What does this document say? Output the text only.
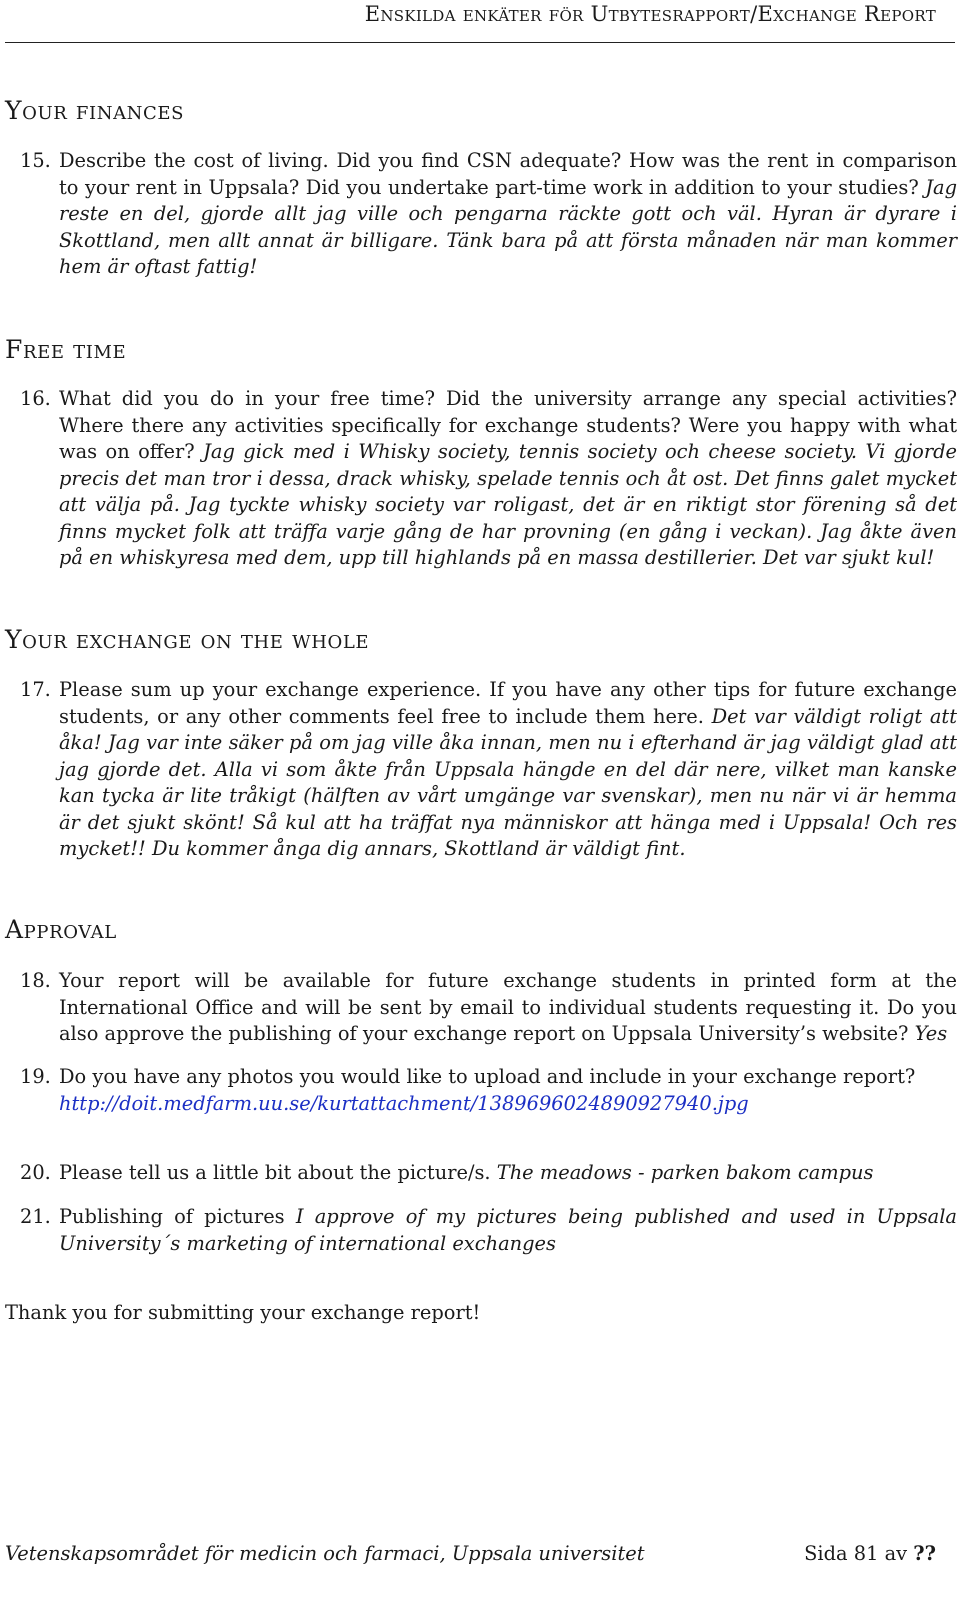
Enskilda enkäter för Utbytesrapport/Exchange Report
Your finances
15. Describe the cost of living. Did you find CSN adequate? How was the rent in comparison to your rent in Uppsala? Did you undertake part-time work in addition to your studies? Jag reste en del, gjorde allt jag ville och pengarna räckte gott och väl. Hyran är dyrare i Skottland, men allt annat är billigare. Tänk bara på att första månaden när man kommer hem är oftast fattig!

Free time
16. What did you do in your free time? Did the university arrange any special activities? Where there any activities specifically for exchange students? Were you happy with what was on offer? Jag gick med i Whisky society, tennis society och cheese society. Vi gjorde precis det man tror i dessa, drack whisky, spelade tennis och åt ost. Det finns galet mycket att välja på. Jag tyckte whisky society var roligast, det är en riktigt stor förening så det finns mycket folk att träffa varje gång de har provning (en gång i veckan). Jag åkte även på en whiskyresa med dem, upp till highlands på en massa destillerier. Det var sjukt kul!

Your exchange on the whole
17. Please sum up your exchange experience. If you have any other tips for future exchange students, or any other comments feel free to include them here. Det var väldigt roligt att åka! Jag var inte säker på om jag ville åka innan, men nu i efterhand är jag väldigt glad att jag gjorde det. Alla vi som åkte från Uppsala hängde en del där nere, vilket man kanske kan tycka är lite tråkigt (hälften av vårt umgänge var svenskar), men nu när vi är hemma är det sjukt skönt! Så kul att ha träffat nya människor att hänga med i Uppsala! Och res mycket!! Du kommer ånga dig annars, Skottland är väldigt fint.

Approval
18. Your report will be available for future exchange students in printed form at the International Office and will be sent by email to individual students requesting it. Do you also approve the publishing of your exchange report on Uppsala University’s website? Yes

19. Do you have any photos you would like to upload and include in your exchange report?
http://doit.medfarm.uu.se/kurtattachment/1389696024890927940.jpg

20. Please tell us a little bit about the picture/s. The meadows - parken bakom campus

21. Publishing of pictures I approve of my pictures being published and used in Uppsala University´s marketing of international exchanges

Thank you for submitting your exchange report!
Vetenskapsområdet för medicin och farmaci, Uppsala universitet	Sida 81 av ??
